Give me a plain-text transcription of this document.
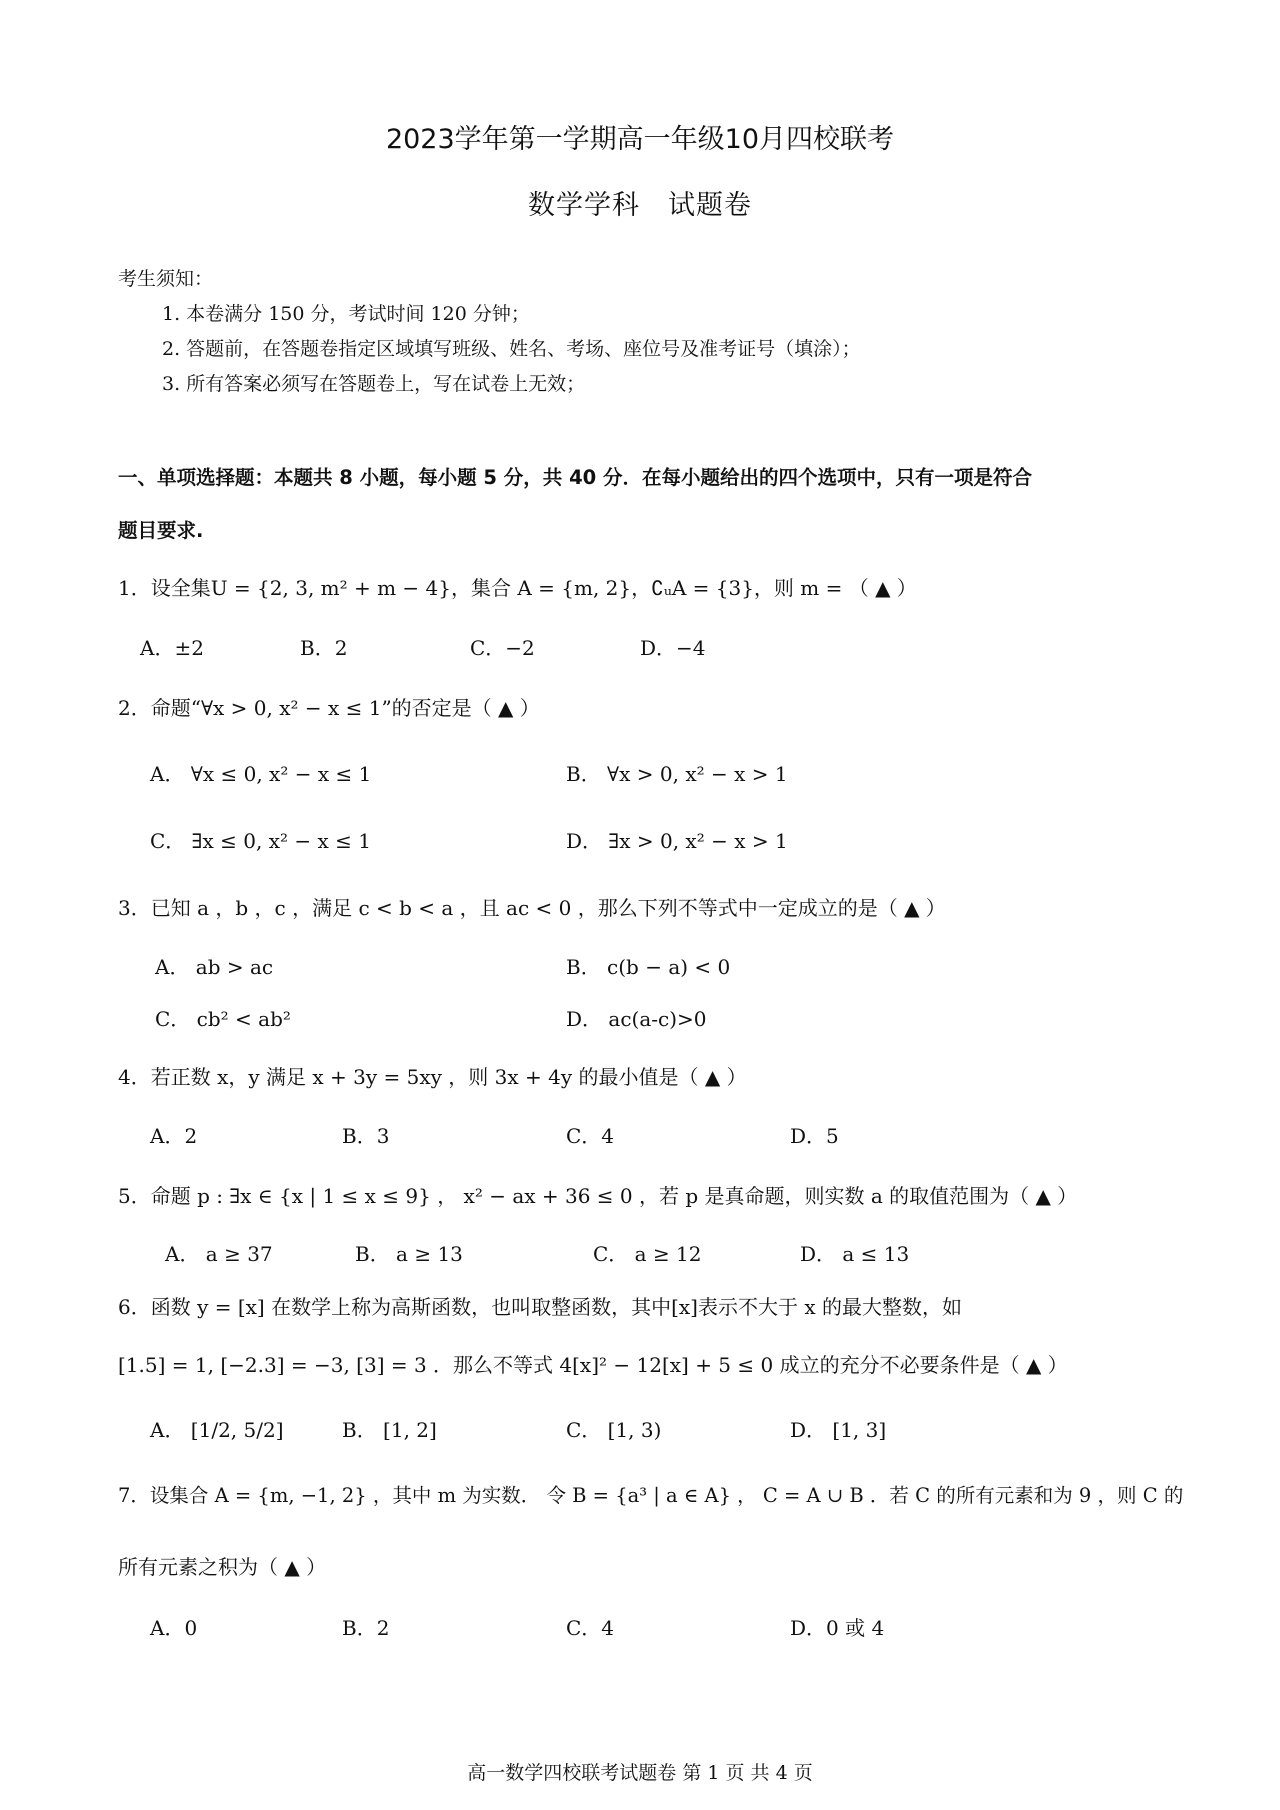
2023学年第一学期高一年级10月四校联考
数学学科　试题卷
考生须知：
1. 本卷满分 150 分，考试时间 120 分钟；
2. 答题前，在答题卷指定区域填写班级、姓名、考场、座位号及准考证号（填涂）；
3. 所有答案必须写在答题卷上，写在试卷上无效；
一、单项选择题：本题共 8 小题，每小题 5 分，共 40 分．在每小题给出的四个选项中，只有一项是符合
题目要求.
1．设全集U = {2, 3, m² + m − 4}，集合 A = {m, 2}，∁ᵤA = {3}，则 m = （ ▲ ）
A．±2	B．2	C．−2	D．−4
2．命题“∀x > 0, x² − x ≤ 1”的否定是（ ▲ ）
A． ∀x ≤ 0, x² − x ≤ 1	B． ∀x > 0, x² − x > 1
C． ∃x ≤ 0, x² − x ≤ 1	D． ∃x > 0, x² − x > 1
3．已知 a ，b ，c ，满足 c < b < a ，且 ac < 0 ，那么下列不等式中一定成立的是（ ▲ ）
A． ab > ac	B． c(b − a) < 0
C． cb² < ab²	D． ac(a-c)>0
4．若正数 x，y 满足 x + 3y = 5xy ，则 3x + 4y 的最小值是（ ▲ ）
A．2	B．3	C．4	D．5
5．命题 p : ∃x ∈ {x | 1 ≤ x ≤ 9} ， x² − ax + 36 ≤ 0 ，若 p 是真命题，则实数 a 的取值范围为（ ▲ ）
A． a ≥ 37	B． a ≥ 13	C． a ≥ 12	D． a ≤ 13
6．函数 y = [x] 在数学上称为高斯函数，也叫取整函数，其中[x]表示不大于 x 的最大整数，如
[1.5] = 1, [−2.3] = −3, [3] = 3 ．那么不等式 4[x]² − 12[x] + 5 ≤ 0 成立的充分不必要条件是（ ▲ ）
A． [1/2, 5/2]	B． [1, 2]	C． [1, 3)	D． [1, 3]
7．设集合 A = {m, −1, 2} ，其中 m 为实数． 令 B = {a³ | a ∈ A} ， C = A ∪ B ．若 C 的所有元素和为 9 ，则 C 的
所有元素之积为（ ▲ ）
A．0	B．2	C．4	D．0 或 4
高一数学四校联考试题卷 第 1 页 共 4 页
